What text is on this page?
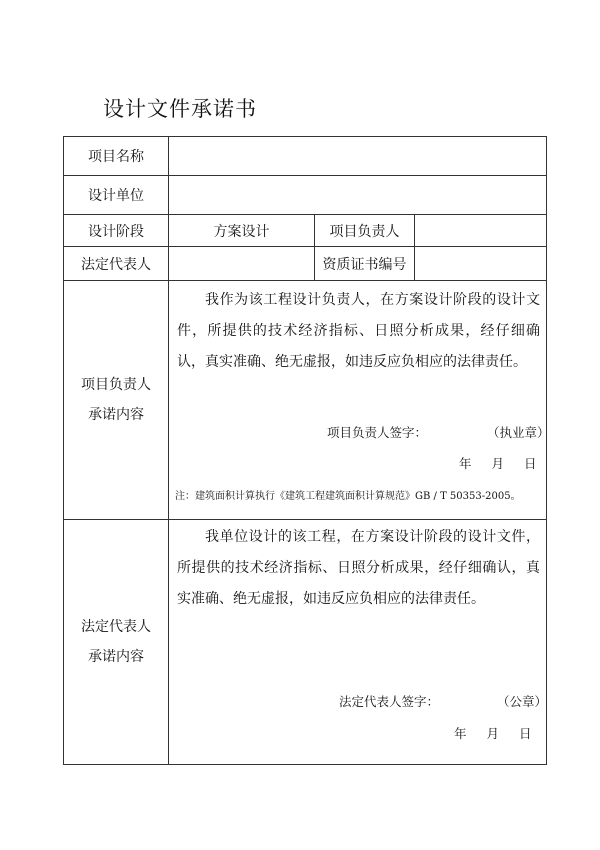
设计文件承诺书
项目名称			
设计单位			
设计阶段	方案设计	项目负责人	
法定代表人		资质证书编号	

项目负责人
承诺内容	我作为该工程设计负责人，在方案设计阶段的设计文件，所提供的技术经济指标、日照分析成果，经仔细确认，真实准确、绝无虚报，如违反应负相应的法律责任。

项目负责人签字： （执业章）
年 月 日
注：建筑面积计算执行《建筑工程建筑面积计算规范》GB / T 50353-2005。		

法定代表人
承诺内容	我单位设计的该工程，在方案设计阶段的设计文件，所提供的技术经济指标、日照分析成果，经仔细确认，真实准确、绝无虚报，如违反应负相应的法律责任。

法定代表人签字： （公章）
年 月 日		
